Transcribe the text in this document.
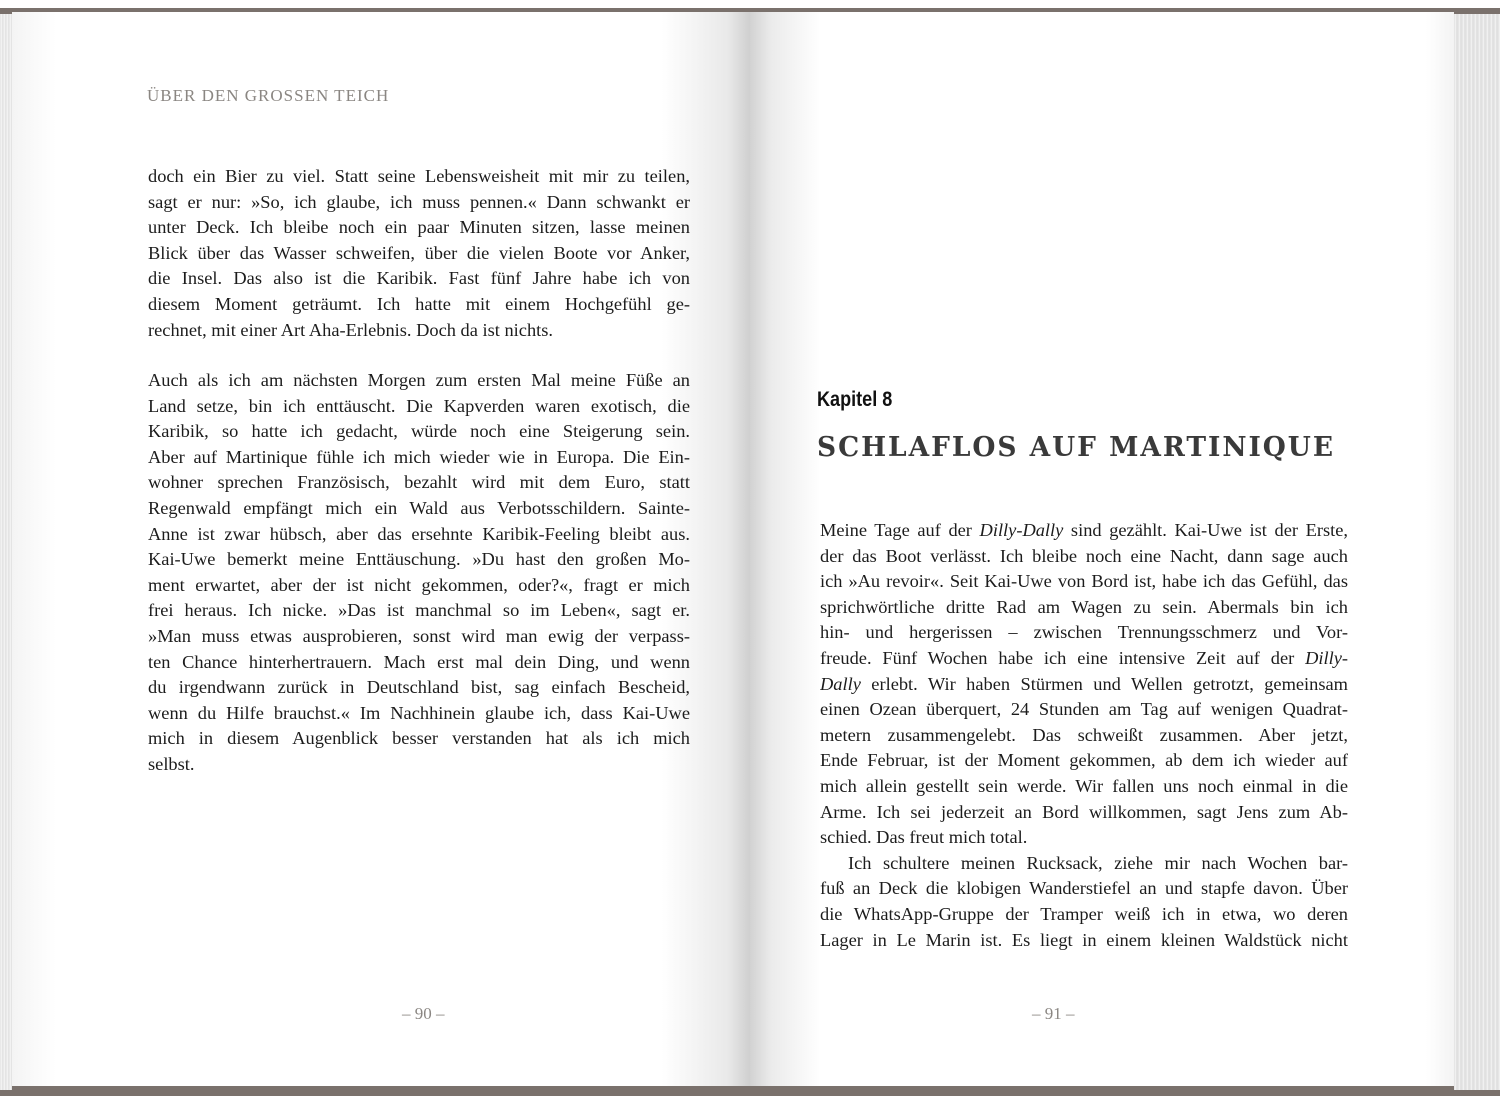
ÜBER DEN GROSSEN TEICH
doch ein Bier zu viel. Statt seine Lebensweisheit mit mir zu teilen,
sagt er nur: »So, ich glaube, ich muss pennen.« Dann schwankt er
unter Deck. Ich bleibe noch ein paar Minuten sitzen, lasse meinen
Blick über das Wasser schweifen, über die vielen Boote vor Anker,
die Insel. Das also ist die Karibik. Fast fünf Jahre habe ich von
diesem Moment geträumt. Ich hatte mit einem Hochgefühl ge-
rechnet, mit einer Art Aha-Erlebnis. Doch da ist nichts.
Auch als ich am nächsten Morgen zum ersten Mal meine Füße an
Land setze, bin ich enttäuscht. Die Kapverden waren exotisch, die
Karibik, so hatte ich gedacht, würde noch eine Steigerung sein.
Aber auf Martinique fühle ich mich wieder wie in Europa. Die Ein-
wohner sprechen Französisch, bezahlt wird mit dem Euro, statt
Regenwald empfängt mich ein Wald aus Verbotsschildern. Sainte-
Anne ist zwar hübsch, aber das ersehnte Karibik-Feeling bleibt aus.
Kai-Uwe bemerkt meine Enttäuschung. »Du hast den großen Mo-
ment erwartet, aber der ist nicht gekommen, oder?«, fragt er mich
frei heraus. Ich nicke. »Das ist manchmal so im Leben«, sagt er.
»Man muss etwas ausprobieren, sonst wird man ewig der verpass-
ten Chance hinterhertrauern. Mach erst mal dein Ding, und wenn
du irgendwann zurück in Deutschland bist, sag einfach Bescheid,
wenn du Hilfe brauchst.« Im Nachhinein glaube ich, dass Kai-Uwe
mich in diesem Augenblick besser verstanden hat als ich mich
selbst.
– 90 –
Kapitel 8
SCHLAFLOS AUF MARTINIQUE
Meine Tage auf der Dilly-Dally sind gezählt. Kai-Uwe ist der Erste,
der das Boot verlässt. Ich bleibe noch eine Nacht, dann sage auch
ich »Au revoir«. Seit Kai-Uwe von Bord ist, habe ich das Gefühl, das
sprichwörtliche dritte Rad am Wagen zu sein. Abermals bin ich
hin- und hergerissen – zwischen Trennungsschmerz und Vor-
freude. Fünf Wochen habe ich eine intensive Zeit auf der Dilly-
Dally erlebt. Wir haben Stürmen und Wellen getrotzt, gemeinsam
einen Ozean überquert, 24 Stunden am Tag auf wenigen Quadrat-
metern zusammengelebt. Das schweißt zusammen. Aber jetzt,
Ende Februar, ist der Moment gekommen, ab dem ich wieder auf
mich allein gestellt sein werde. Wir fallen uns noch einmal in die
Arme. Ich sei jederzeit an Bord willkommen, sagt Jens zum Ab-
schied. Das freut mich total.
Ich schultere meinen Rucksack, ziehe mir nach Wochen bar-
fuß an Deck die klobigen Wanderstiefel an und stapfe davon. Über
die WhatsApp-Gruppe der Tramper weiß ich in etwa, wo deren
Lager in Le Marin ist. Es liegt in einem kleinen Waldstück nicht
– 91 –
